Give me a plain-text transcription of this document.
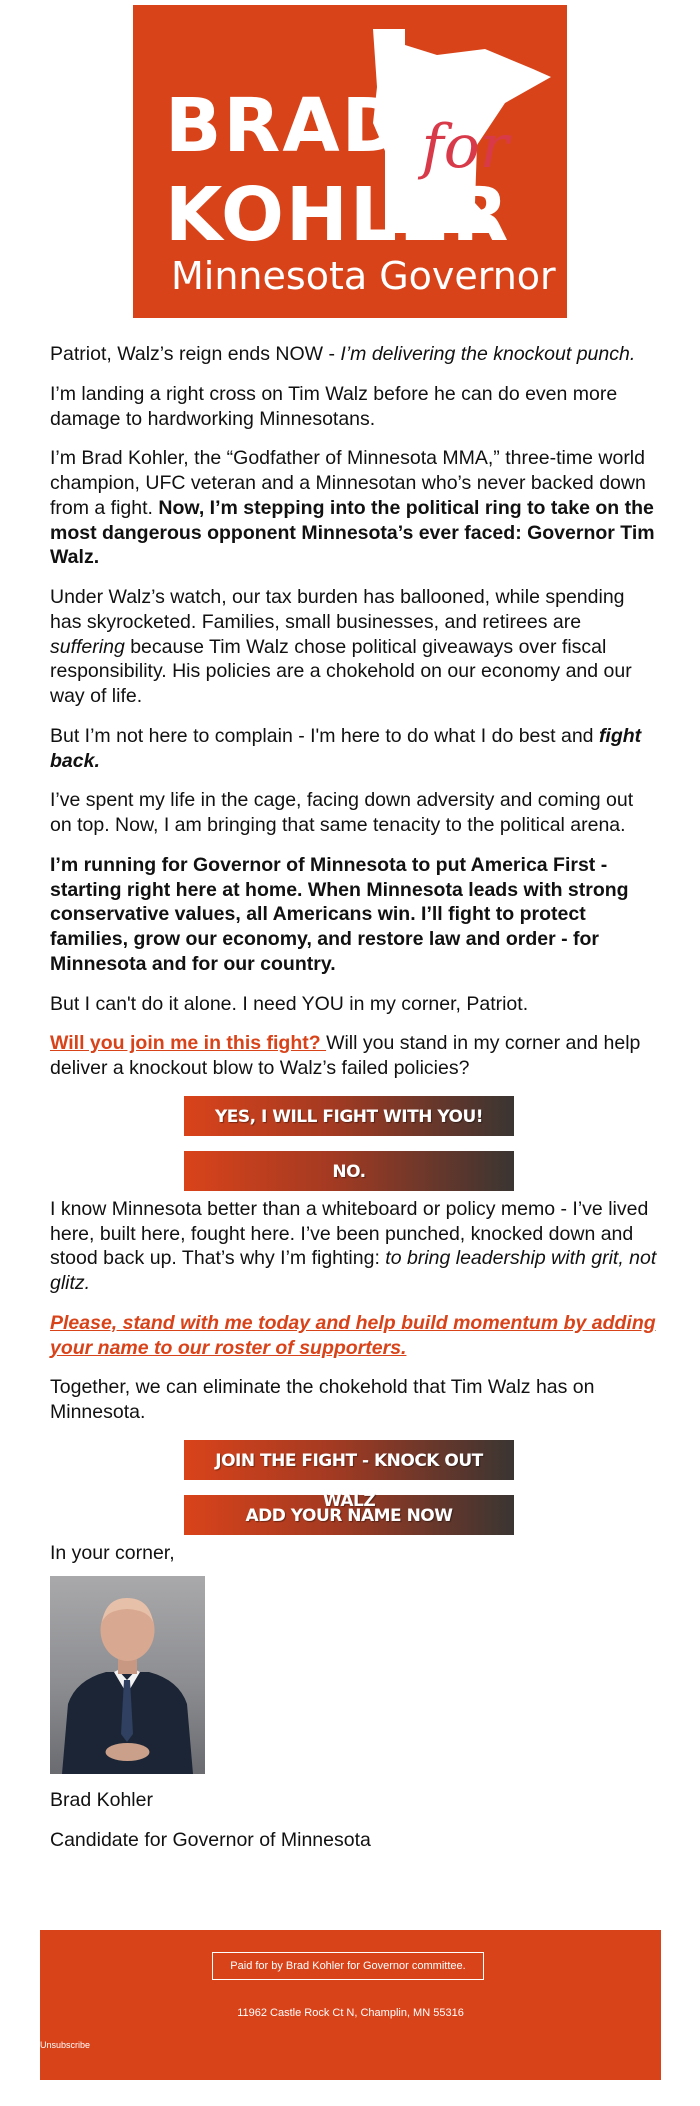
for
BRAD
KOHLER
Minnesota Governor

Patriot, Walz’s reign ends NOW - I’m delivering the knockout punch.

I’m landing a right cross on Tim Walz before he can do even more damage to hardworking Minnesotans.

I’m Brad Kohler, the “Godfather of Minnesota MMA,” three-time world champion, UFC veteran and a Minnesotan who’s never backed down from a fight. Now, I’m stepping into the political ring to take on the most dangerous opponent Minnesota’s ever faced: Governor Tim Walz.

Under Walz’s watch, our tax burden has ballooned, while spending has skyrocketed. Families, small businesses, and retirees are suffering because Tim Walz chose political giveaways over fiscal responsibility. His policies are a chokehold on our economy and our way of life.

But I’m not here to complain - I'm here to do what I do best and fight back.

I’ve spent my life in the cage, facing down adversity and coming out on top. Now, I am bringing that same tenacity to the political arena.

I’m running for Governor of Minnesota to put America First - starting right here at home. When Minnesota leads with strong conservative values, all Americans win. I’ll fight to protect families, grow our economy, and restore law and order - for Minnesota and for our country.

But I can't do it alone. I need YOU in my corner, Patriot.

Will you join me in this fight? Will you stand in my corner and help deliver a knockout blow to Walz’s failed policies?

YES, I WILL FIGHT WITH YOU!
NO.

I know Minnesota better than a whiteboard or policy memo - I’ve lived here, built here, fought here. I’ve been punched, knocked down and stood back up. That’s why I’m fighting: to bring leadership with grit, not glitz.

Please, stand with me today and help build momentum by adding your name to our roster of supporters.

Together, we can eliminate the chokehold that Tim Walz has on Minnesota.

JOIN THE FIGHT - KNOCK OUT
ADD YOUR NAME NOW

In your corner,

Brad Kohler

Candidate for Governor of Minnesota

Paid for by Brad Kohler for Governor committee.
11962 Castle Rock Ct N, Champlin, MN 55316
Unsubscribe
